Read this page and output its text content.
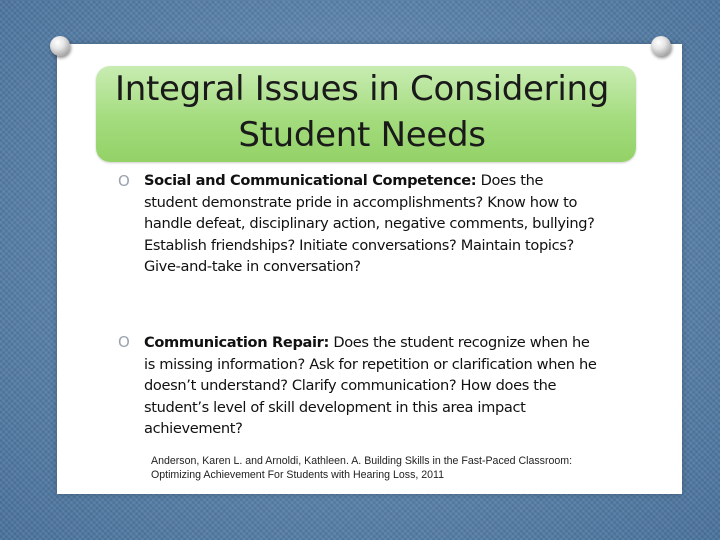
Integral Issues in Considering Student Needs
O Social and Communicational Competence: Does the student demonstrate pride in accomplishments? Know how to handle defeat, disciplinary action, negative comments, bullying? Establish friendships? Initiate conversations? Maintain topics? Give-and-take in conversation?

O Communication Repair: Does the student recognize when he is missing information? Ask for repetition or clarification when he doesn’t understand? Clarify communication? How does the student’s level of skill development in this area impact achievement?

Anderson, Karen L. and Arnoldi, Kathleen. A. Building Skills in the Fast-Paced Classroom: Optimizing Achievement For Students with Hearing Loss, 2011
